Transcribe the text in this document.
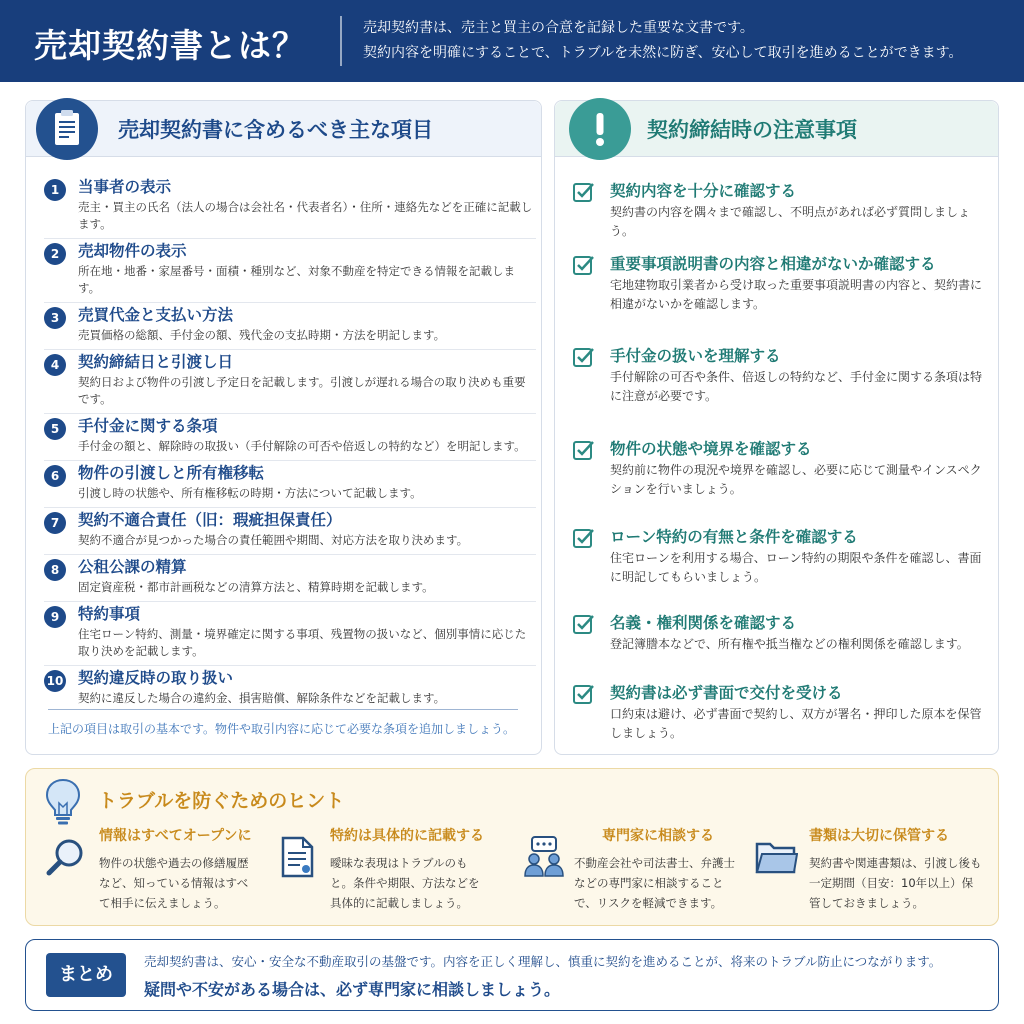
売却契約書とは？	売却契約書は、売主と買主の合意を記録した重要な文書です。
契約内容を明確にすることで、トラブルを未然に防ぎ、安心して取引を進めることができます。
売却契約書に含めるべき主な項目
1	当事者の表示
売主・買主の氏名（法人の場合は会社名・代表者名）・住所・連絡先などを正確に記載します。
2	売却物件の表示
所在地・地番・家屋番号・面積・種別など、対象不動産を特定できる情報を記載します。
3	売買代金と支払い方法
売買価格の総額、手付金の額、残代金の支払時期・方法を明記します。
4	契約締結日と引渡し日
契約日および物件の引渡し予定日を記載します。引渡しが遅れる場合の取り決めも重要です。
5	手付金に関する条項
手付金の額と、解除時の取扱い（手付解除の可否や倍返しの特約など）を明記します。
6	物件の引渡しと所有権移転
引渡し時の状態や、所有権移転の時期・方法について記載します。
7	契約不適合責任（旧：瑕疵担保責任）
契約不適合が見つかった場合の責任範囲や期間、対応方法を取り決めます。
8	公租公課の精算
固定資産税・都市計画税などの清算方法と、精算時期を記載します。
9	特約事項
住宅ローン特約、測量・境界確定に関する事項、残置物の扱いなど、個別事情に応じた取り決めを記載します。
10 契約違反時の取り扱い
契約に違反した場合の違約金、損害賠償、解除条件などを記載します。
上記の項目は取引の基本です。物件や取引内容に応じて必要な条項を追加しましょう。
契約締結時の注意事項
契約内容を十分に確認する
契約書の内容を隅々まで確認し、不明点があれば必ず質問しましょう。
重要事項説明書の内容と相違がないか確認する
宅地建物取引業者から受け取った重要事項説明書の内容と、契約書に相違がないかを確認します。
手付金の扱いを理解する
手付解除の可否や条件、倍返しの特約など、手付金に関する条項は特に注意が必要です。
物件の状態や境界を確認する
契約前に物件の現況や境界を確認し、必要に応じて測量やインスペクションを行いましょう。
ローン特約の有無と条件を確認する
住宅ローンを利用する場合、ローン特約の期限や条件を確認し、書面に明記してもらいましょう。
名義・権利関係を確認する
登記簿謄本などで、所有権や抵当権などの権利関係を確認します。
契約書は必ず書面で交付を受ける
口約束は避け、必ず書面で契約し、双方が署名・押印した原本を保管しましょう。
トラブルを防ぐためのヒント
情報はすべてオープンに
物件の状態や過去の修繕履歴など、知っている情報はすべて相手に伝えましょう。
特約は具体的に記載する
曖昧な表現はトラブルのもと。条件や期限、方法などを具体的に記載しましょう。
専門家に相談する
不動産会社や司法書士、弁護士などの専門家に相談することで、リスクを軽減できます。
書類は大切に保管する
契約書や関連書類は、引渡し後も一定期間（目安：10年以上）保管しておきましょう。
まとめ
売却契約書は、安心・安全な不動産取引の基盤です。内容を正しく理解し、慎重に契約を進めることが、将来のトラブル防止につながります。
疑問や不安がある場合は、必ず専門家に相談しましょう。
